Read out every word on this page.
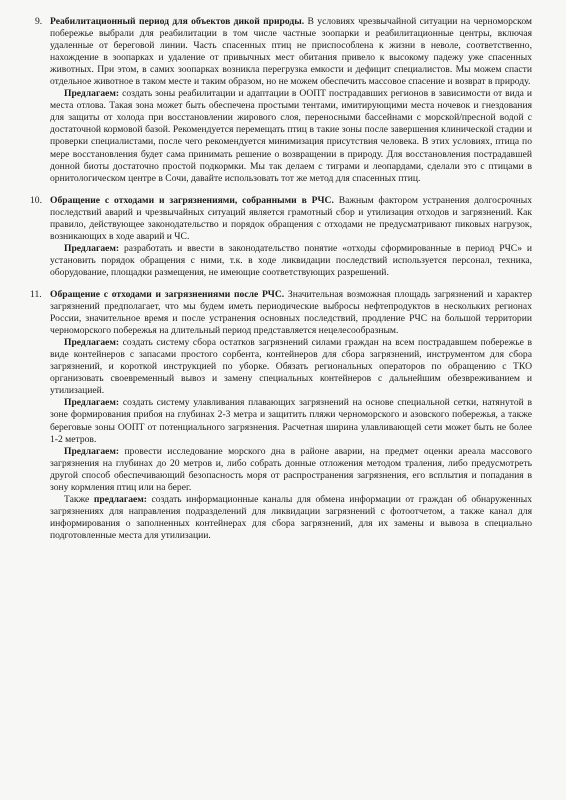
9. Реабилитационный период для объектов дикой природы. В условиях чрезвычайной ситуации на черноморском побережье выбрали для реабилитации в том числе частные зоопарки и реабилитационные центры, включая удаленные от береговой линии. Часть спасенных птиц не приспособлена к жизни в неволе, соответственно, нахождение в зоопарках и удаление от привычных мест обитания привело к высокому падежу уже спасенных животных. При этом, в самих зоопарках возникла перегрузка емкости и дефицит специалистов. Мы можем спасти отдельное животное в таком месте и таким образом, но не можем обеспечить массовое спасение и возврат в природу.

Предлагаем: создать зоны реабилитации и адаптации в ООПТ пострадавших регионов в зависимости от вида и места отлова. Такая зона может быть обеспечена простыми тентами, имитирующими места ночевок и гнездования для защиты от холода при восстановлении жирового слоя, переносными бассейнами с морской/пресной водой с достаточной кормовой базой. Рекомендуется перемещать птиц в такие зоны после завершения клинической стадии и проверки специалистами, после чего рекомендуется минимизация присутствия человека. В этих условиях, птица по мере восстановления будет сама принимать решение о возвращении в природу. Для восстановления пострадавшей донной биоты достаточно простой подкормки. Мы так делаем с тиграми и леопардами, сделали это с птицами в орнитологическом центре в Сочи, давайте использовать тот же метод для спасенных птиц.

10. Обращение с отходами и загрязнениями, собранными в РЧС. Важным фактором устранения долгосрочных последствий аварий и чрезвычайных ситуаций является грамотный сбор и утилизация отходов и загрязнений. Как правило, действующее законодательство и порядок обращения с отходами не предусматривают пиковых нагрузок, возникающих в ходе аварий и ЧС.

Предлагаем: разработать и ввести в законодательство понятие «отходы сформированные в период РЧС» и установить порядок обращения с ними, т.к. в ходе ликвидации последствий используется персонал, техника, оборудование, площадки размещения, не имеющие соответствующих разрешений.

11. Обращение с отходами и загрязнениями после РЧС. Значительная возможная площадь загрязнений и характер загрязнений предполагает, что мы будем иметь периодические выбросы нефтепродуктов в нескольких регионах России, значительное время и после устранения основных последствий, продление РЧС на большой территории черноморского побережья на длительный период представляется нецелесообразным.

Предлагаем: создать систему сбора остатков загрязнений силами граждан на всем пострадавшем побережье в виде контейнеров с запасами простого сорбента, контейнеров для сбора загрязнений, инструментом для сбора загрязнений, и короткой инструкцией по уборке. Обязать региональных операторов по обращению с ТКО организовать своевременный вывоз и замену специальных контейнеров с дальнейшим обезвреживанием и утилизацией.

Предлагаем: создать систему улавливания плавающих загрязнений на основе специальной сетки, натянутой в зоне формирования прибоя на глубинах 2-3 метра и защитить пляжи черноморского и азовского побережья, а также береговые зоны ООПТ от потенциального загрязнения. Расчетная ширина улавливающей сети может быть не более 1-2 метров.

Предлагаем: провести исследование морского дна в районе аварии, на предмет оценки ареала массового загрязнения на глубинах до 20 метров и, либо собрать донные отложения методом траления, либо предусмотреть другой способ обеспечивающий безопасность моря от распространения загрязнения, его всплытия и попадания в зону кормления птиц или на берег.

Также предлагаем: создать информационные каналы для обмена информации от граждан об обнаруженных загрязнениях для направления подразделений для ликвидации загрязнений с фотоотчетом, а также канал для информирования о заполненных контейнерах для сбора загрязнений, для их замены и вывоза в специально подготовленные места для утилизации.
